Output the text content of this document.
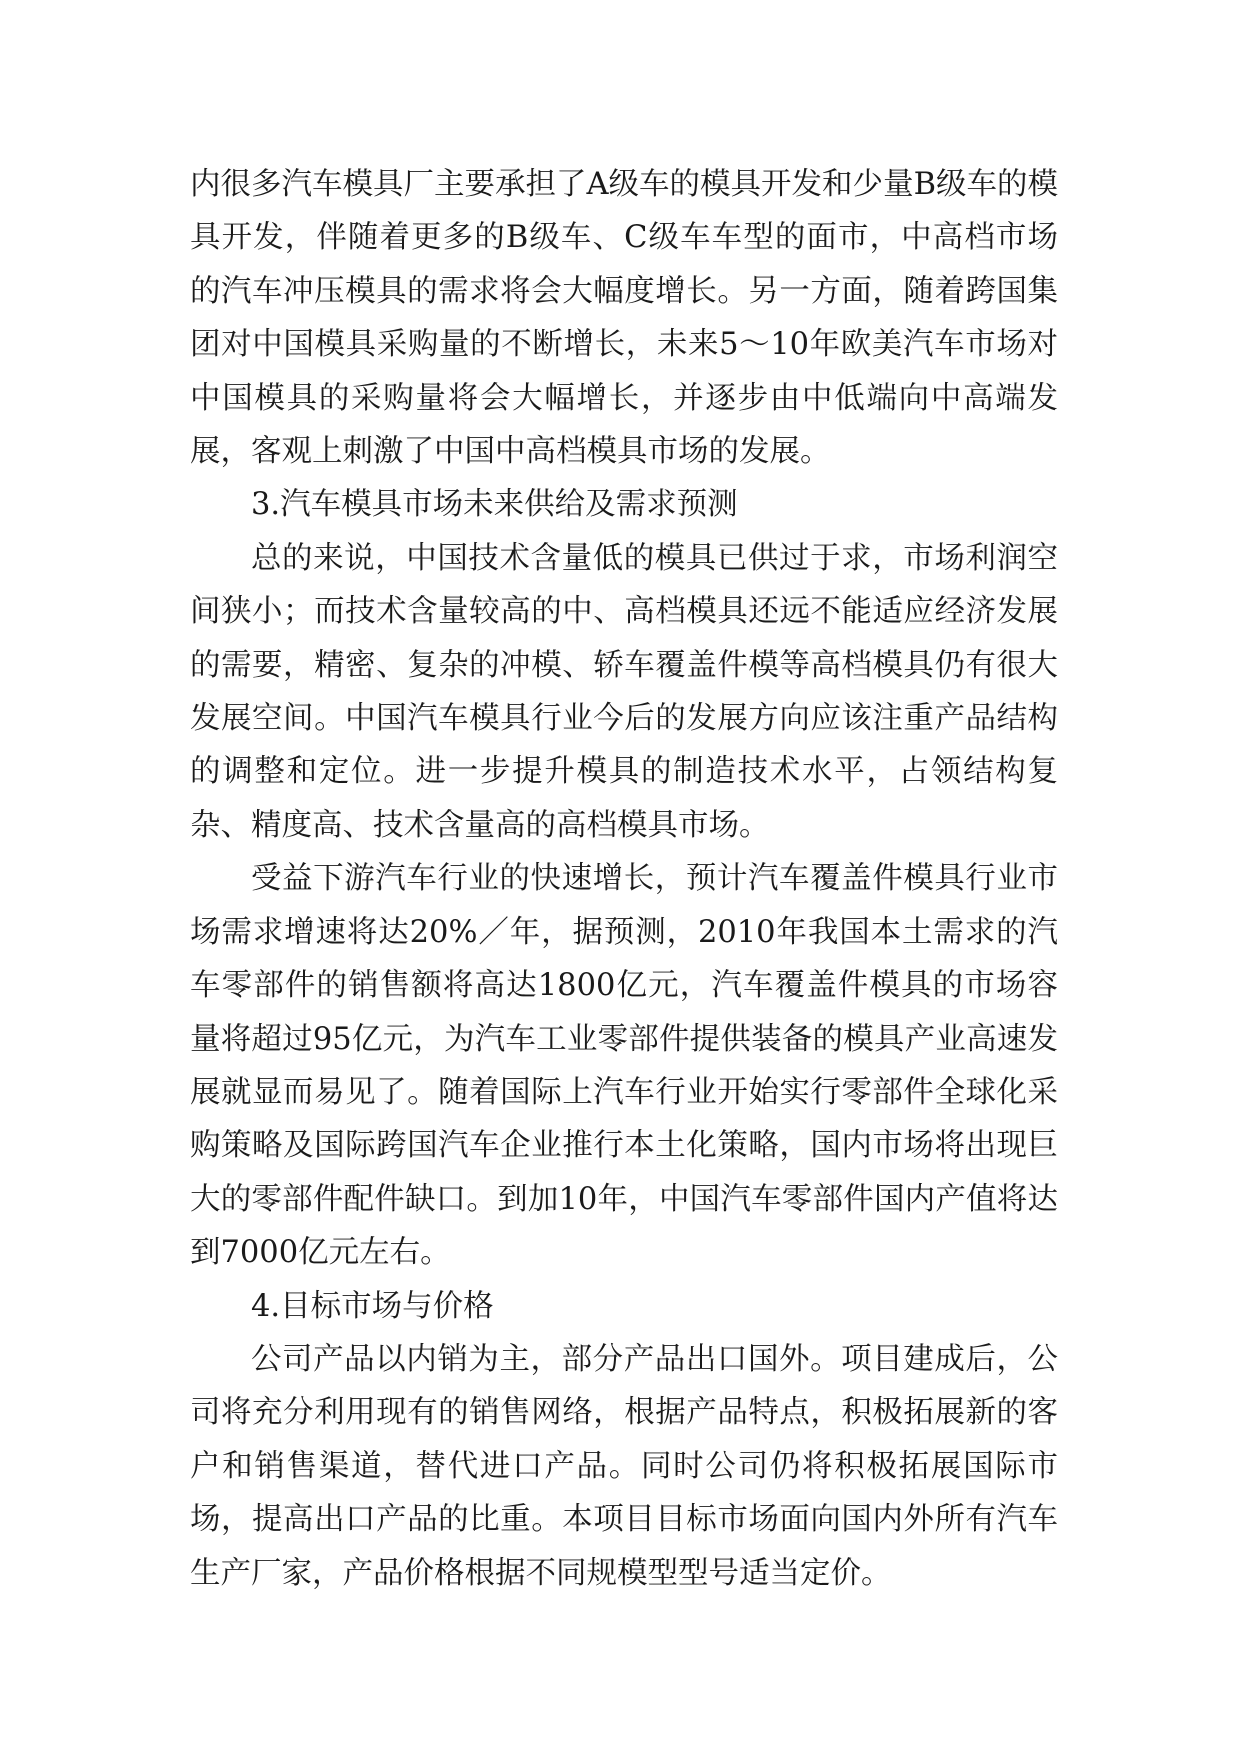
内很多汽车模具厂主要承担了A级车的模具开发和少量B级车的模具开发，伴随着更多的B级车、C级车车型的面市，中高档市场的汽车冲压模具的需求将会大幅度增长。另一方面，随着跨国集团对中国模具采购量的不断增长，未来5～10年欧美汽车市场对中国模具的采购量将会大幅增长，并逐步由中低端向中高端发展，客观上刺激了中国中高档模具市场的发展。

3.汽车模具市场未来供给及需求预测

总的来说，中国技术含量低的模具已供过于求，市场利润空间狭小；而技术含量较高的中、高档模具还远不能适应经济发展的需要，精密、复杂的冲模、轿车覆盖件模等高档模具仍有很大发展空间。中国汽车模具行业今后的发展方向应该注重产品结构的调整和定位。进一步提升模具的制造技术水平，占领结构复杂、精度高、技术含量高的高档模具市场。

受益下游汽车行业的快速增长，预计汽车覆盖件模具行业市场需求增速将达20%／年，据预测，2010年我国本土需求的汽车零部件的销售额将高达1800亿元，汽车覆盖件模具的市场容量将超过95亿元，为汽车工业零部件提供装备的模具产业高速发展就显而易见了。随着国际上汽车行业开始实行零部件全球化采购策略及国际跨国汽车企业推行本土化策略，国内市场将出现巨大的零部件配件缺口。到加10年，中国汽车零部件国内产值将达到7000亿元左右。

4.目标市场与价格

公司产品以内销为主，部分产品出口国外。项目建成后，公司将充分利用现有的销售网络，根据产品特点，积极拓展新的客户和销售渠道，替代进口产品。同时公司仍将积极拓展国际市场，提高出口产品的比重。本项目目标市场面向国内外所有汽车生产厂家，产品价格根据不同规模型型号适当定价。
